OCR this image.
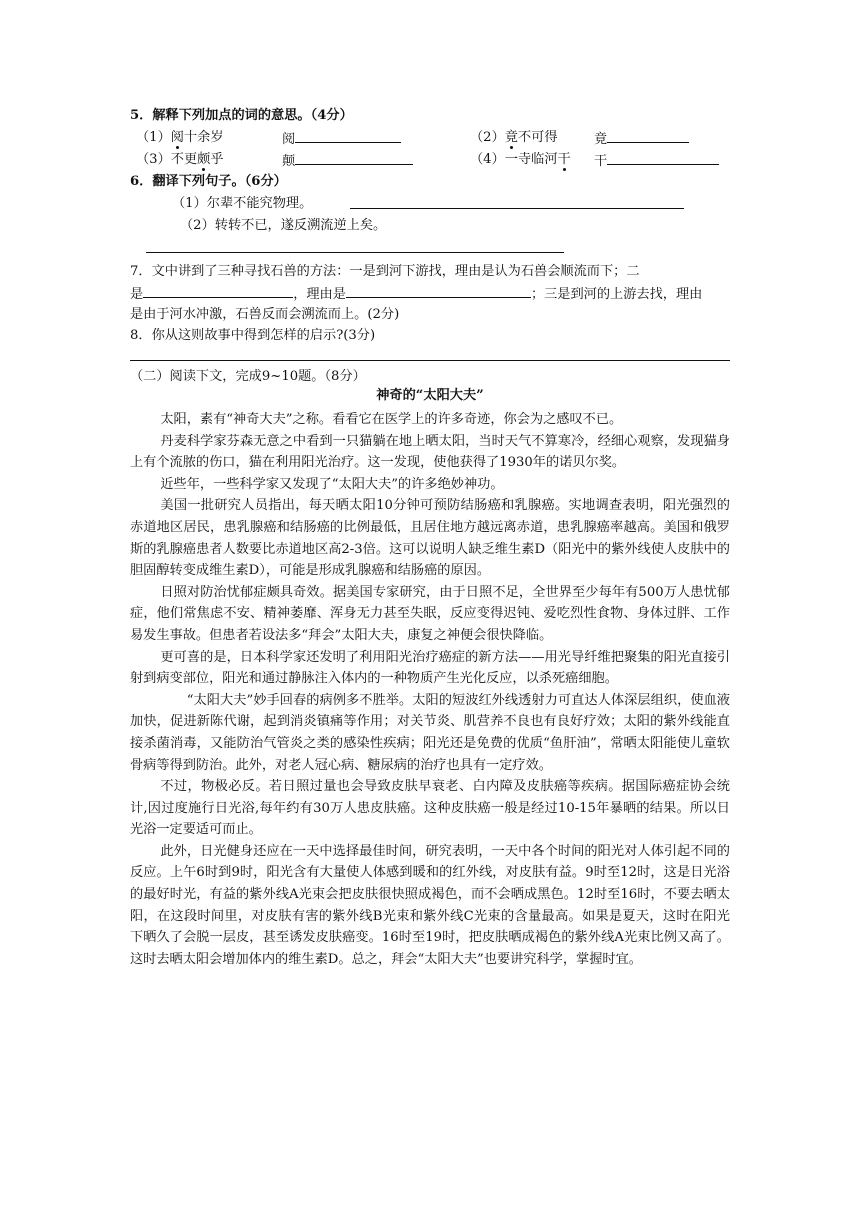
5．解释下列加点的词的意思。（4分）
（1）阅十余岁	阅	（2）竟不可得	竟
（3）不更颇乎	颠	（4）一寺临河干 干
6．翻译下列句子。（6分）
（1）尔辈不能究物理。
（2）转转不已，遂反溯流逆上矣。
7．文中讲到了三种寻找石兽的方法：一是到河下游找，理由是认为石兽会顺流而下；二
是	，理由是	；三是到河的上游去找，理由
是由于河水冲激，石兽反而会溯流而上。(2分)
8．你从这则故事中得到怎样的启示?(3分)
（二）阅读下文，完成9~10题。（8分）
神奇的“太阳大夫”

太阳，素有“神奇大夫”之称。看看它在医学上的许多奇迹，你会为之感叹不已。

丹麦科学家芬森无意之中看到一只猫躺在地上晒太阳，当时天气不算寒冷，经细心观察，发现猫身上有个流脓的伤口，猫在利用阳光治疗。这一发现，使他获得了1930年的诺贝尔奖。

近些年，一些科学家又发现了“太阳大夫”的许多绝妙神功。

美国一批研究人员指出，每天晒太阳10分钟可预防结肠癌和乳腺癌。实地调查表明，阳光强烈的赤道地区居民，患乳腺癌和结肠癌的比例最低，且居住地方越远离赤道，患乳腺癌率越高。美国和俄罗斯的乳腺癌患者人数要比赤道地区高2-3倍。这可以说明人缺乏维生素D（阳光中的紫外线使人皮肤中的胆固醇转变成维生素D），可能是形成乳腺癌和结肠癌的原因。

日照对防治忧郁症颇具奇效。据美国专家研究，由于日照不足，全世界至少每年有500万人患忧郁症，他们常焦虑不安、精神萎靡、浑身无力甚至失眠，反应变得迟钝、爱吃烈性食物、身体过胖、工作易发生事故。但患者若设法多“拜会”太阳大夫，康复之神便会很快降临。

更可喜的是，日本科学家还发明了利用阳光治疗癌症的新方法——用光导纤维把聚集的阳光直接引射到病变部位，阳光和通过静脉注入体内的一种物质产生光化反应，以杀死癌细胞。

“太阳大夫”妙手回春的病例多不胜举。太阳的短波红外线透射力可直达人体深层组织，使血液加快，促进新陈代谢，起到消炎镇痛等作用；对关节炎、肌营养不良也有良好疗效；太阳的紫外线能直接杀菌消毒，又能防治气管炎之类的感染性疾病；阳光还是免费的优质“鱼肝油”，常晒太阳能使儿童软骨病等得到防治。此外，对老人冠心病、糖尿病的治疗也具有一定疗效。

不过，物极必反。若日照过量也会导致皮肤早衰老、白内障及皮肤癌等疾病。据国际癌症协会统计,因过度施行日光浴,每年约有30万人患皮肤癌。这种皮肤癌一般是经过10-15年暴晒的结果。所以日光浴一定要适可而止。

此外，日光健身还应在一天中选择最佳时间，研究表明，一天中各个时间的阳光对人体引起不同的反应。上午6时到9时，阳光含有大量使人体感到暖和的红外线，对皮肤有益。9时至12时，这是日光浴的最好时光，有益的紫外线A光束会把皮肤很快照成褐色，而不会晒成黑色。12时至16时，不要去晒太阳，在这段时间里，对皮肤有害的紫外线B光束和紫外线C光束的含量最高。如果是夏天，这时在阳光下晒久了会脱一层皮，甚至诱发皮肤癌变。16时至19时，把皮肤晒成褐色的紫外线A光束比例又高了。这时去晒太阳会增加体内的维生素D。总之，拜会“太阳大夫”也要讲究科学，掌握时宜。
